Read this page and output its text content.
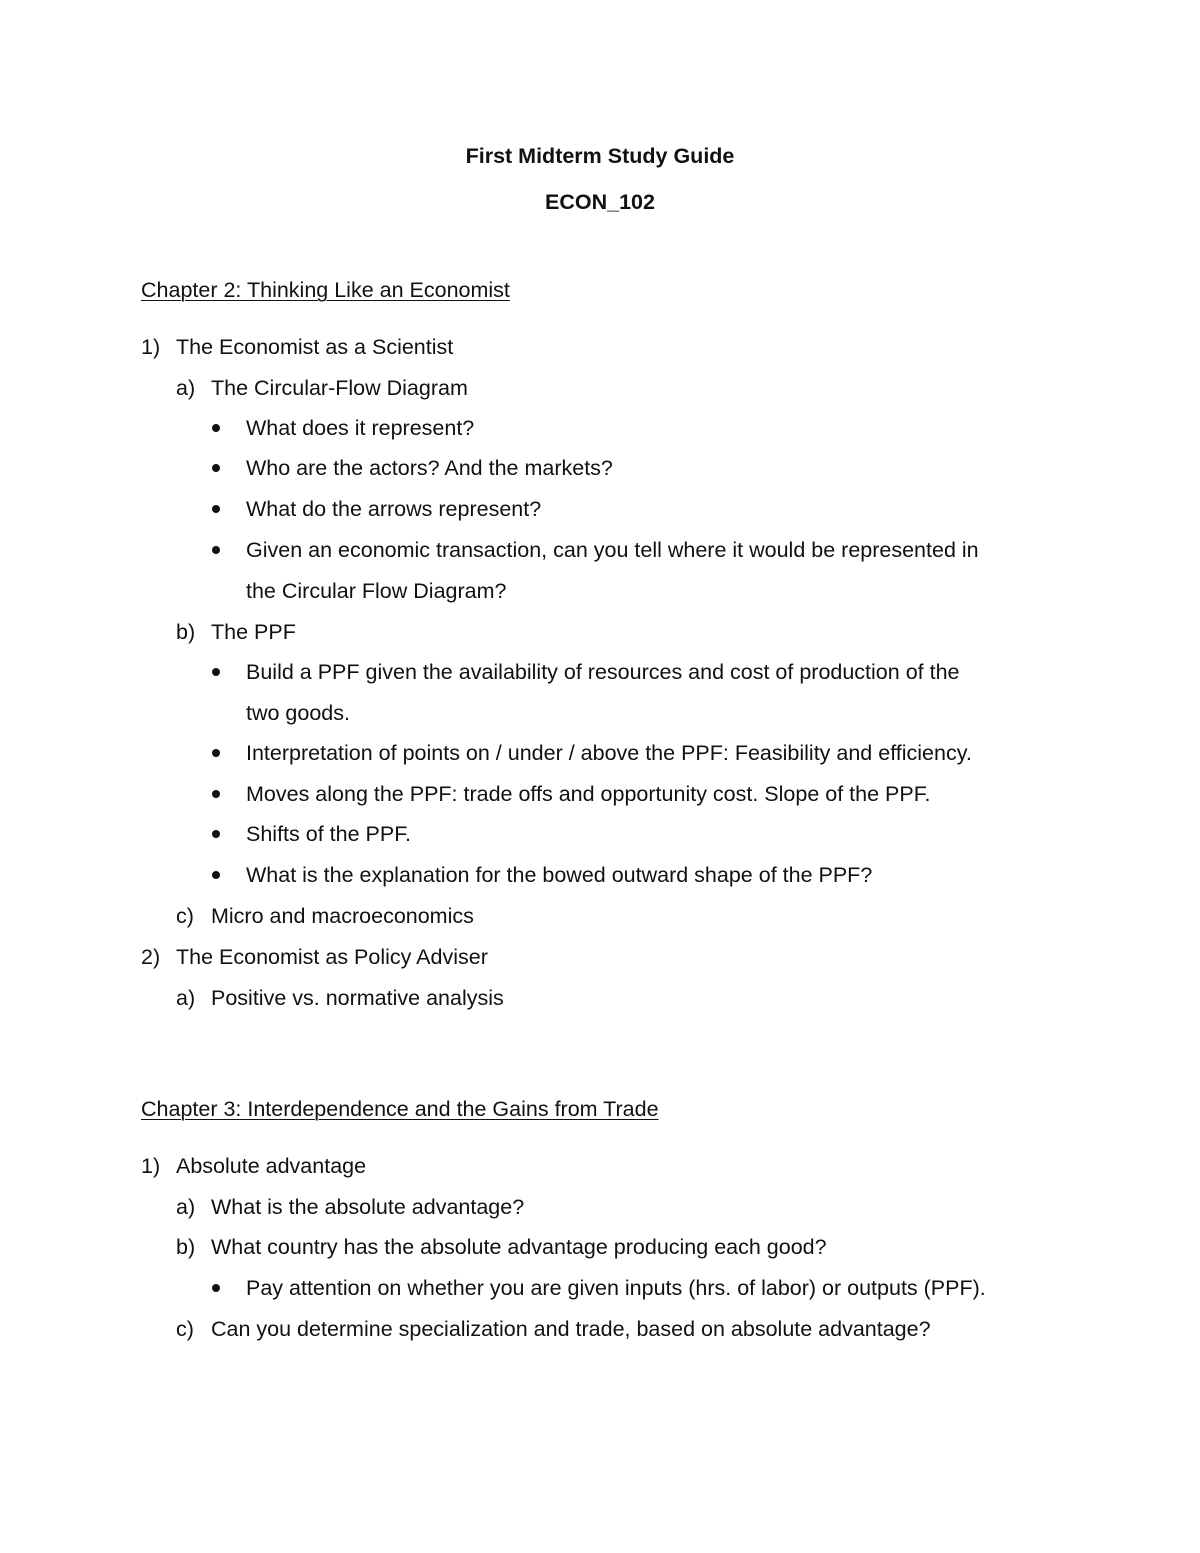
First Midterm Study Guide
ECON_102
Chapter 2: Thinking Like an Economist
1) The Economist as a Scientist
a) The Circular-Flow Diagram
What does it represent?
Who are the actors? And the markets?
What do the arrows represent?
Given an economic transaction, can you tell where it would be represented in
the Circular Flow Diagram?
b) The PPF
Build a PPF given the availability of resources and cost of production of the
two goods.
Interpretation of points on / under / above the PPF: Feasibility and efficiency.
Moves along the PPF: trade offs and opportunity cost. Slope of the PPF.
Shifts of the PPF.
What is the explanation for the bowed outward shape of the PPF?
c) Micro and macroeconomics
2) The Economist as Policy Adviser
a) Positive vs. normative analysis
Chapter 3: Interdependence and the Gains from Trade
1) Absolute advantage
a) What is the absolute advantage?
b) What country has the absolute advantage producing each good?
Pay attention on whether you are given inputs (hrs. of labor) or outputs (PPF).
c) Can you determine specialization and trade, based on absolute advantage?
